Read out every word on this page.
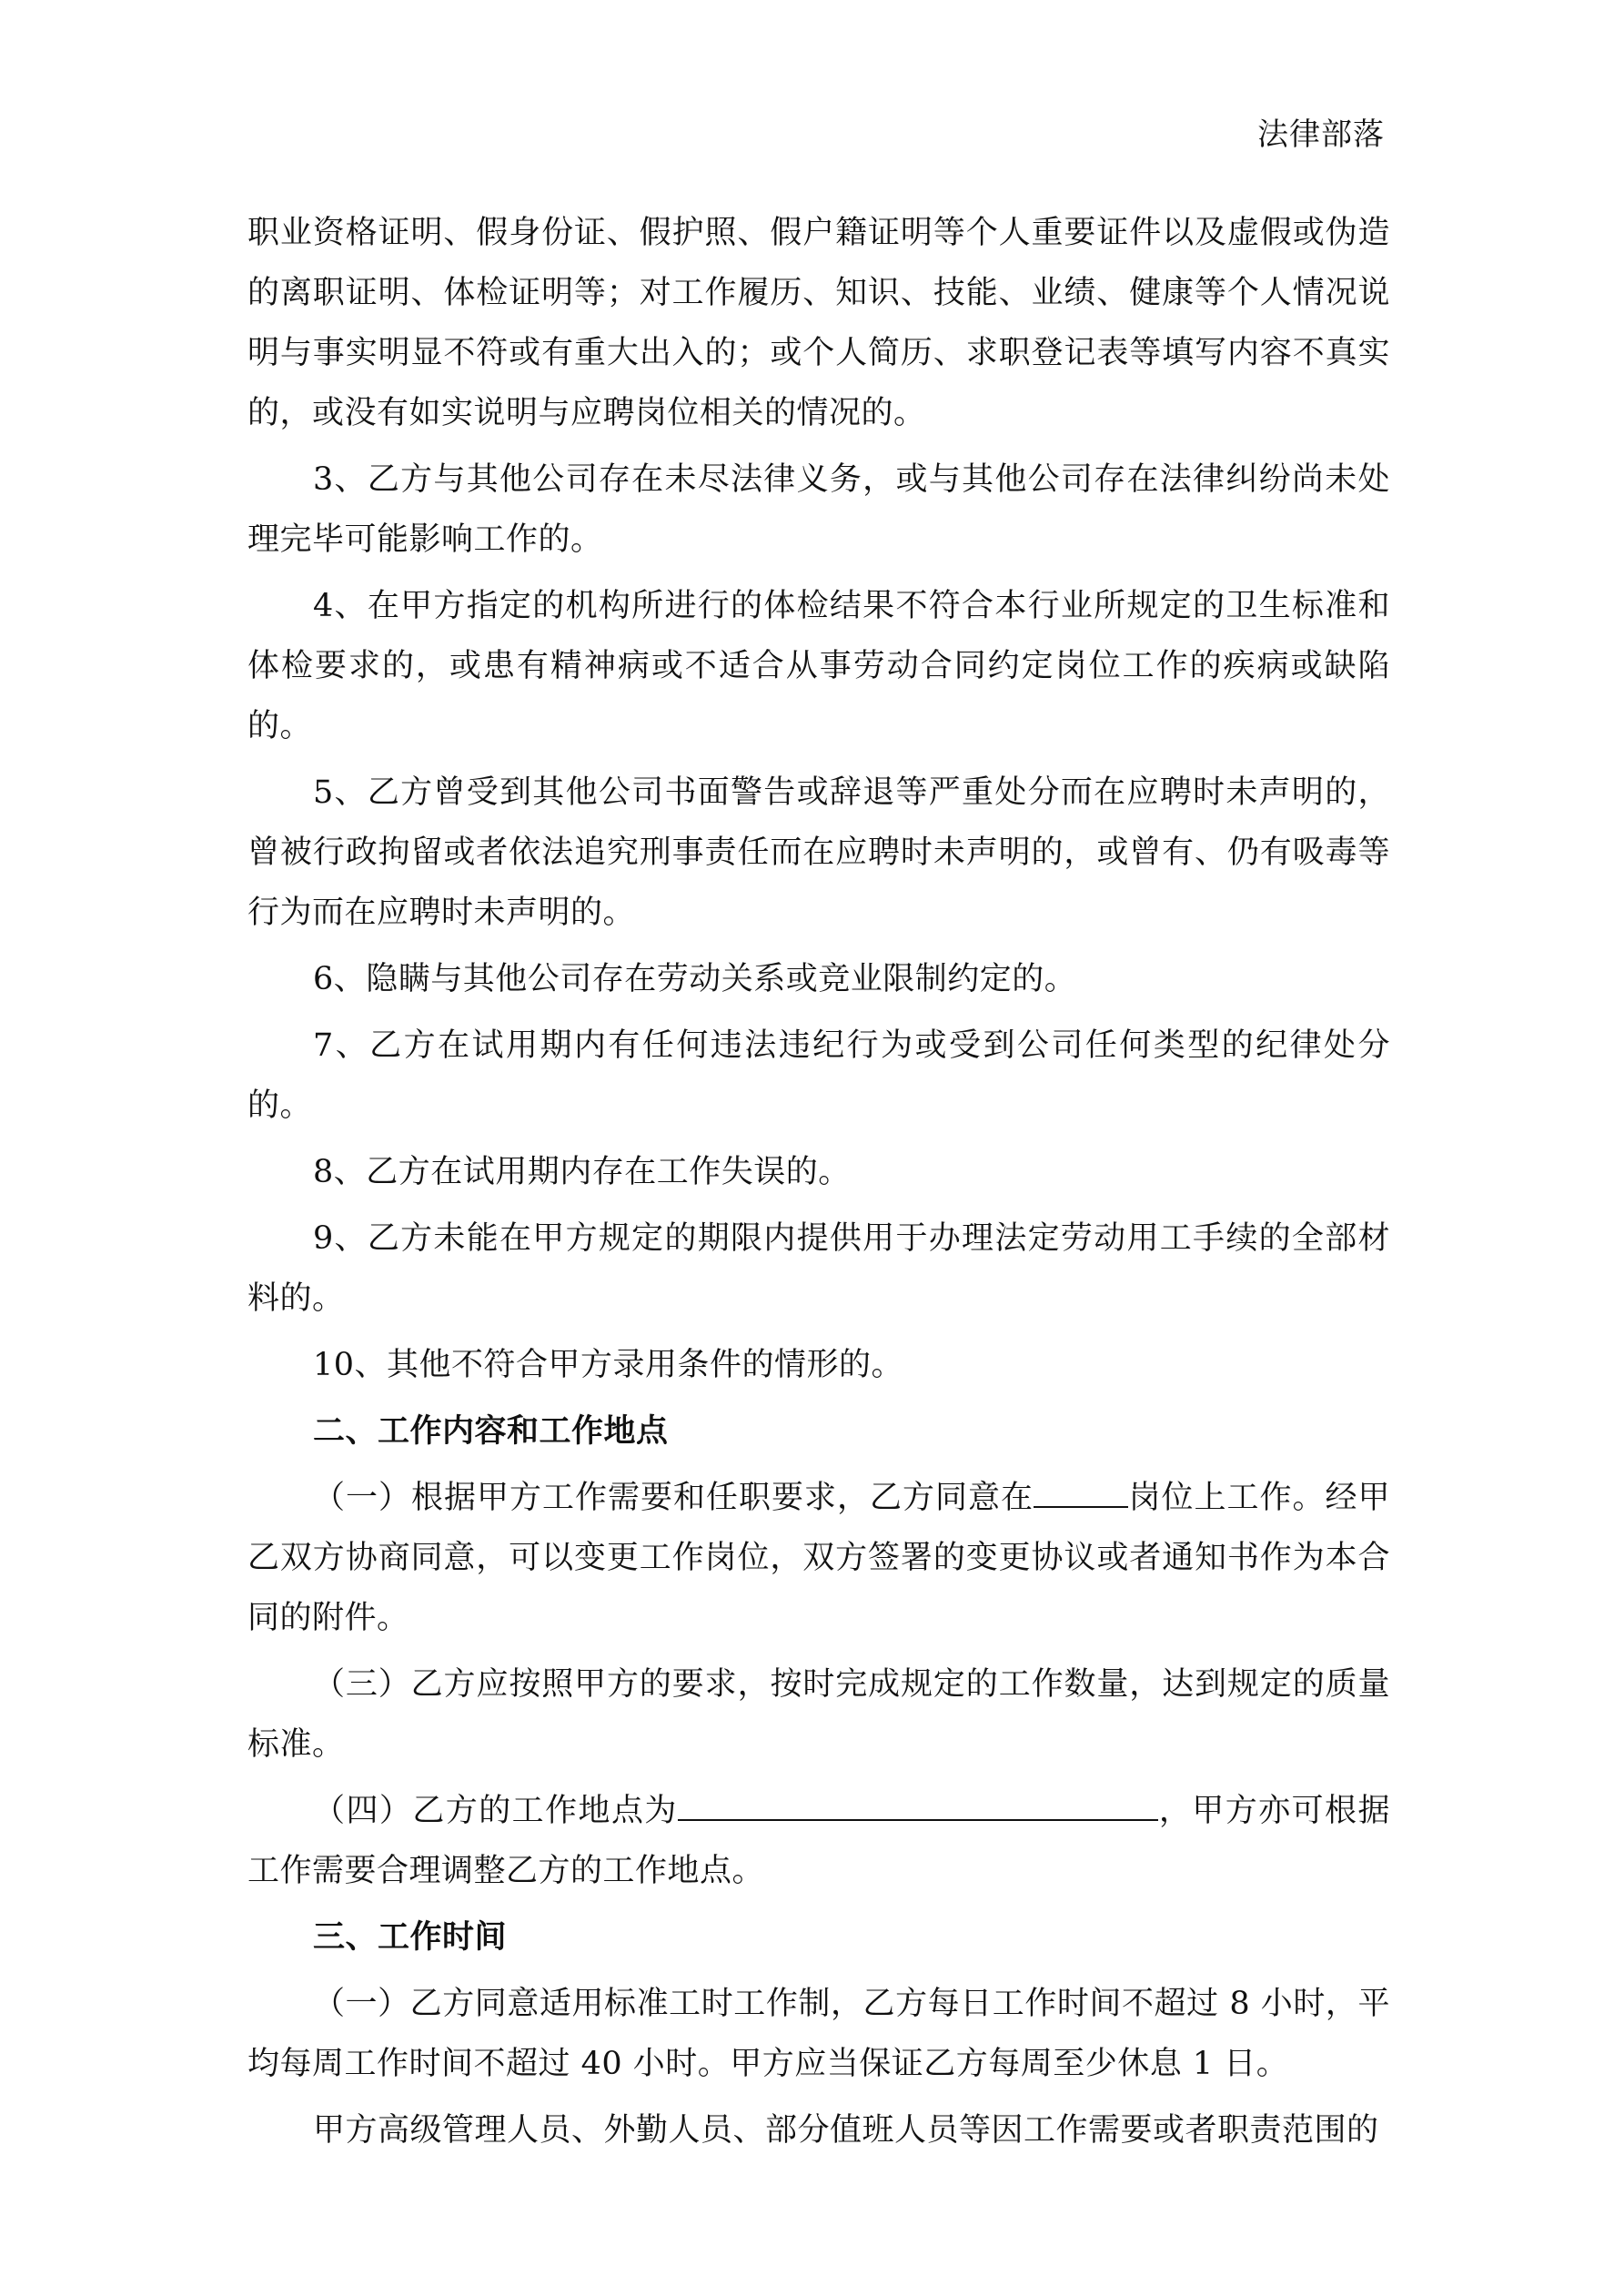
法律部落

职业资格证明、假身份证、假护照、假户籍证明等个人重要证件以及虚假或伪造的离职证明、体检证明等；对工作履历、知识、技能、业绩、健康等个人情况说明与事实明显不符或有重大出入的；或个人简历、求职登记表等填写内容不真实的，或没有如实说明与应聘岗位相关的情况的。

3、乙方与其他公司存在未尽法律义务，或与其他公司存在法律纠纷尚未处理完毕可能影响工作的。

4、在甲方指定的机构所进行的体检结果不符合本行业所规定的卫生标准和体检要求的，或患有精神病或不适合从事劳动合同约定岗位工作的疾病或缺陷的。

5、乙方曾受到其他公司书面警告或辞退等严重处分而在应聘时未声明的，曾被行政拘留或者依法追究刑事责任而在应聘时未声明的，或曾有、仍有吸毒等行为而在应聘时未声明的。

6、隐瞒与其他公司存在劳动关系或竞业限制约定的。

7、乙方在试用期内有任何违法违纪行为或受到公司任何类型的纪律处分的。

8、乙方在试用期内存在工作失误的。

9、乙方未能在甲方规定的期限内提供用于办理法定劳动用工手续的全部材料的。

10、其他不符合甲方录用条件的情形的。

二、工作内容和工作地点

（一）根据甲方工作需要和任职要求，乙方同意在	岗位上工作。经甲乙双方协商同意，可以变更工作岗位，双方签署的变更协议或者通知书作为本合同的附件。

（三）乙方应按照甲方的要求，按时完成规定的工作数量，达到规定的质量标准。

（四）乙方的工作地点为	，甲方亦可根据工作需要合理调整乙方的工作地点。

三、工作时间

（一）乙方同意适用标准工时工作制，乙方每日工作时间不超过 8 小时，平均每周工作时间不超过 40 小时。甲方应当保证乙方每周至少休息 1 日。

甲方高级管理人员、外勤人员、部分值班人员等因工作需要或者职责范围的
